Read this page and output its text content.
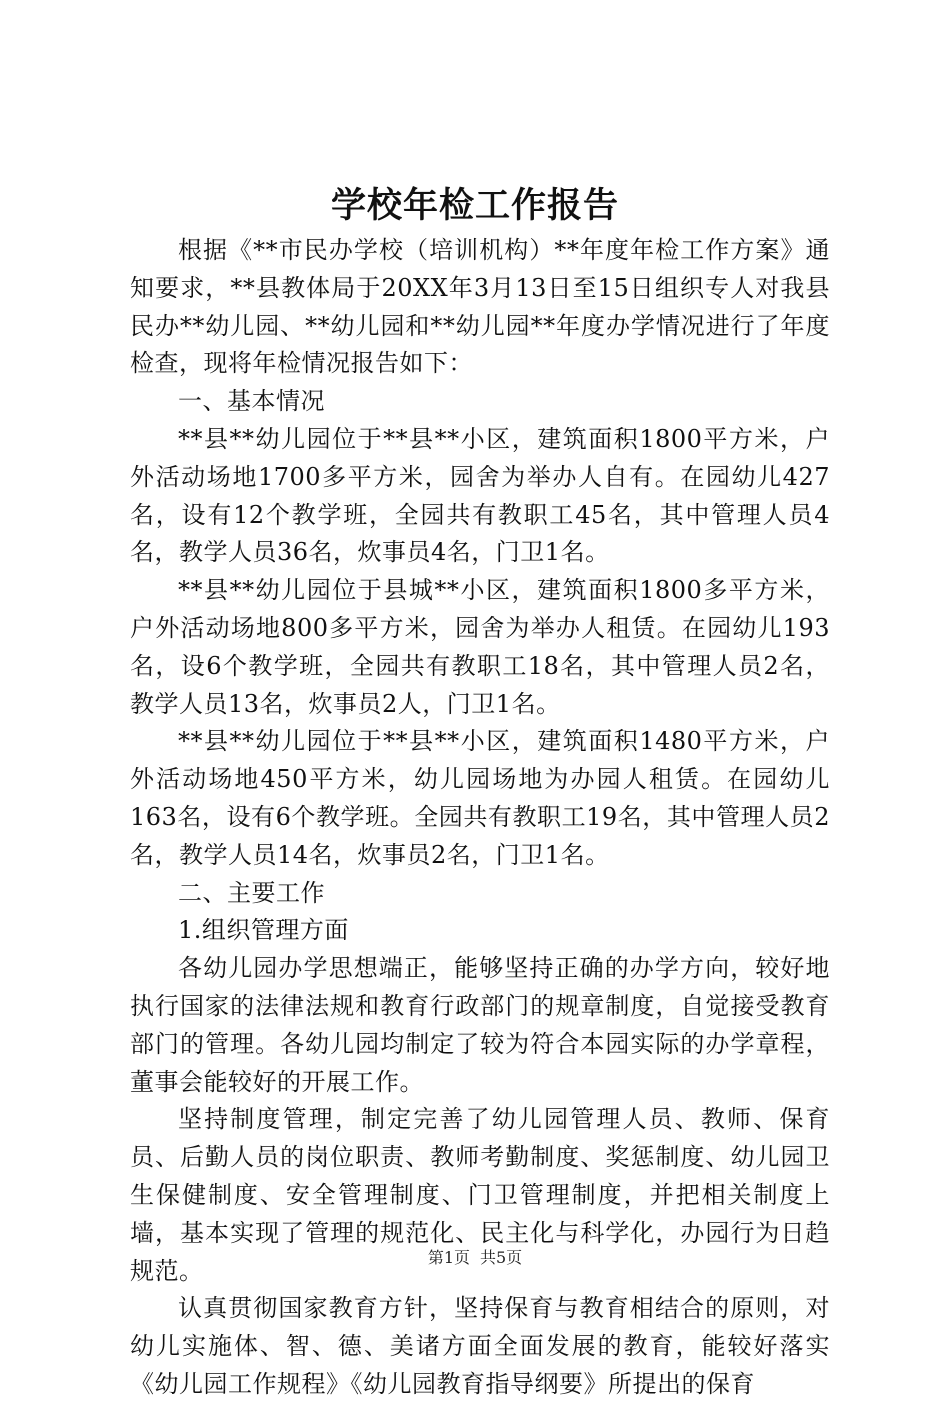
学校年检工作报告

根据《**市民办学校（培训机构）**年度年检工作方案》通知要求，**县教体局于20XX年3月13日至15日组织专人对我县民办**幼儿园、**幼儿园和**幼儿园**年度办学情况进行了年度检查，现将年检情况报告如下：

一、基本情况

**县**幼儿园位于**县**小区，建筑面积1800平方米，户外活动场地1700多平方米，园舍为举办人自有。在园幼儿427名，设有12个教学班，全园共有教职工45名，其中管理人员4名，教学人员36名，炊事员4名，门卫1名。

**县**幼儿园位于县城**小区，建筑面积1800多平方米，户外活动场地800多平方米，园舍为举办人租赁。在园幼儿193名，设6个教学班，全园共有教职工18名，其中管理人员2名，教学人员13名，炊事员2人，门卫1名。

**县**幼儿园位于**县**小区，建筑面积1480平方米，户外活动场地450平方米，幼儿园场地为办园人租赁。在园幼儿163名，设有6个教学班。全园共有教职工19名，其中管理人员2名，教学人员14名，炊事员2名，门卫1名。

二、主要工作

1.组织管理方面

各幼儿园办学思想端正，能够坚持正确的办学方向，较好地执行国家的法律法规和教育行政部门的规章制度，自觉接受教育部门的管理。各幼儿园均制定了较为符合本园实际的办学章程，董事会能较好的开展工作。

坚持制度管理，制定完善了幼儿园管理人员、教师、保育员、后勤人员的岗位职责、教师考勤制度、奖惩制度、幼儿园卫生保健制度、安全管理制度、门卫管理制度，并把相关制度上墙，基本实现了管理的规范化、民主化与科学化，办园行为日趋规范。

认真贯彻国家教育方针，坚持保育与教育相结合的原则，对幼儿实施体、智、德、美诸方面全面发展的教育，能较好落实《幼儿园工作规程》《幼儿园教育指导纲要》所提出的保育

第1页 共5页
